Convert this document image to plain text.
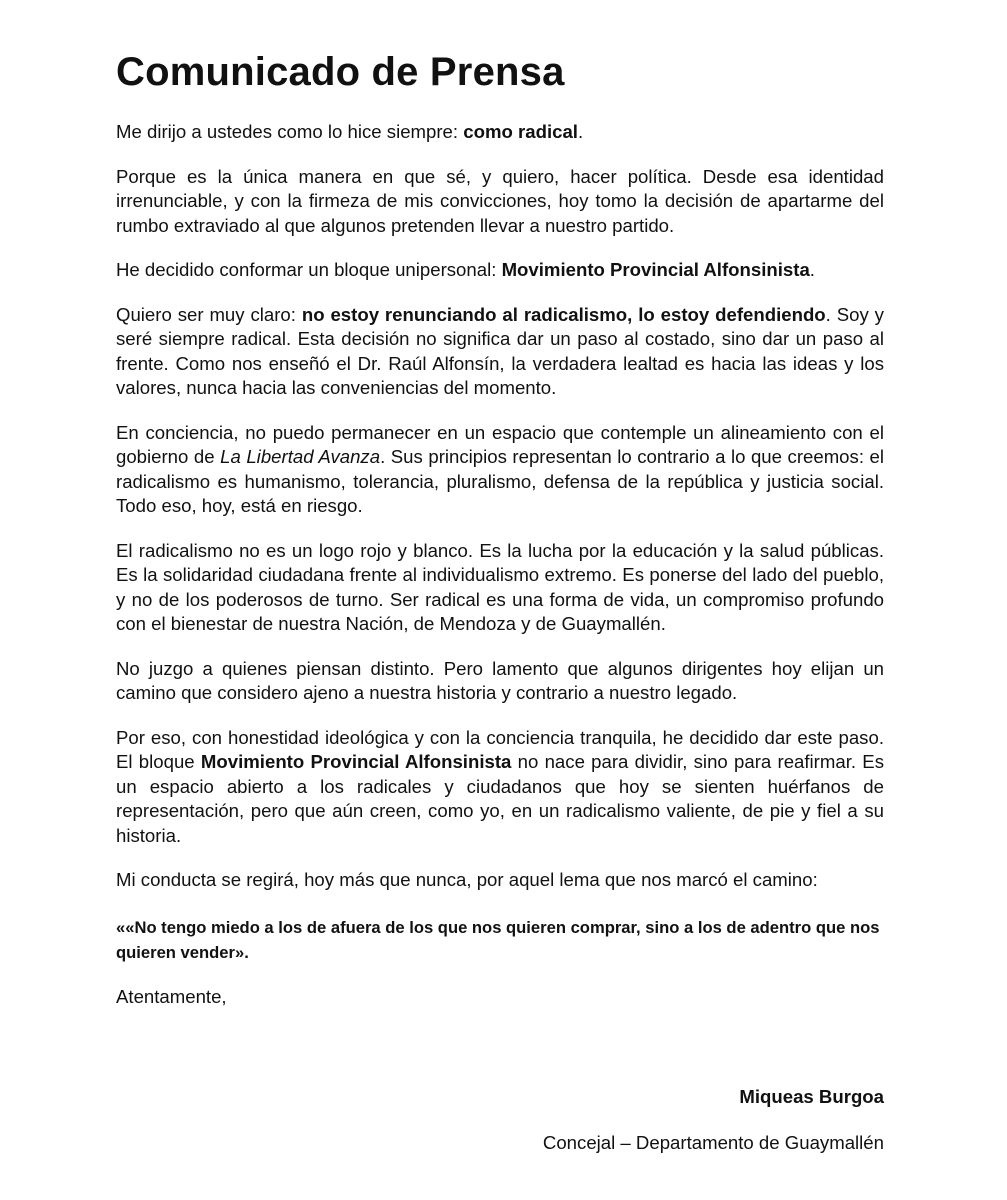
Comunicado de Prensa

Me dirijo a ustedes como lo hice siempre: como radical.

Porque es la única manera en que sé, y quiero, hacer política. Desde esa identidad irrenunciable, y con la firmeza de mis convicciones, hoy tomo la decisión de apartarme del rumbo extraviado al que algunos pretenden llevar a nuestro partido.

He decidido conformar un bloque unipersonal: Movimiento Provincial Alfonsinista.

Quiero ser muy claro: no estoy renunciando al radicalismo, lo estoy defendiendo. Soy y seré siempre radical. Esta decisión no significa dar un paso al costado, sino dar un paso al frente. Como nos enseñó el Dr. Raúl Alfonsín, la verdadera lealtad es hacia las ideas y los valores, nunca hacia las conveniencias del momento.

En conciencia, no puedo permanecer en un espacio que contemple un alineamiento con el gobierno de La Libertad Avanza. Sus principios representan lo contrario a lo que creemos: el radicalismo es humanismo, tolerancia, pluralismo, defensa de la república y justicia social. Todo eso, hoy, está en riesgo.

El radicalismo no es un logo rojo y blanco. Es la lucha por la educación y la salud públicas. Es la solidaridad ciudadana frente al individualismo extremo. Es ponerse del lado del pueblo, y no de los poderosos de turno. Ser radical es una forma de vida, un compromiso profundo con el bienestar de nuestra Nación, de Mendoza y de Guaymallén.

No juzgo a quienes piensan distinto. Pero lamento que algunos dirigentes hoy elijan un camino que considero ajeno a nuestra historia y contrario a nuestro legado.

Por eso, con honestidad ideológica y con la conciencia tranquila, he decidido dar este paso. El bloque Movimiento Provincial Alfonsinista no nace para dividir, sino para reafirmar. Es un espacio abierto a los radicales y ciudadanos que hoy se sienten huérfanos de representación, pero que aún creen, como yo, en un radicalismo valiente, de pie y fiel a su historia.

Mi conducta se regirá, hoy más que nunca, por aquel lema que nos marcó el camino:

««No tengo miedo a los de afuera de los que nos quieren comprar, sino a los de adentro que nos quieren vender».

Atentamente,

Miqueas Burgoa
Concejal – Departamento de Guaymallén
